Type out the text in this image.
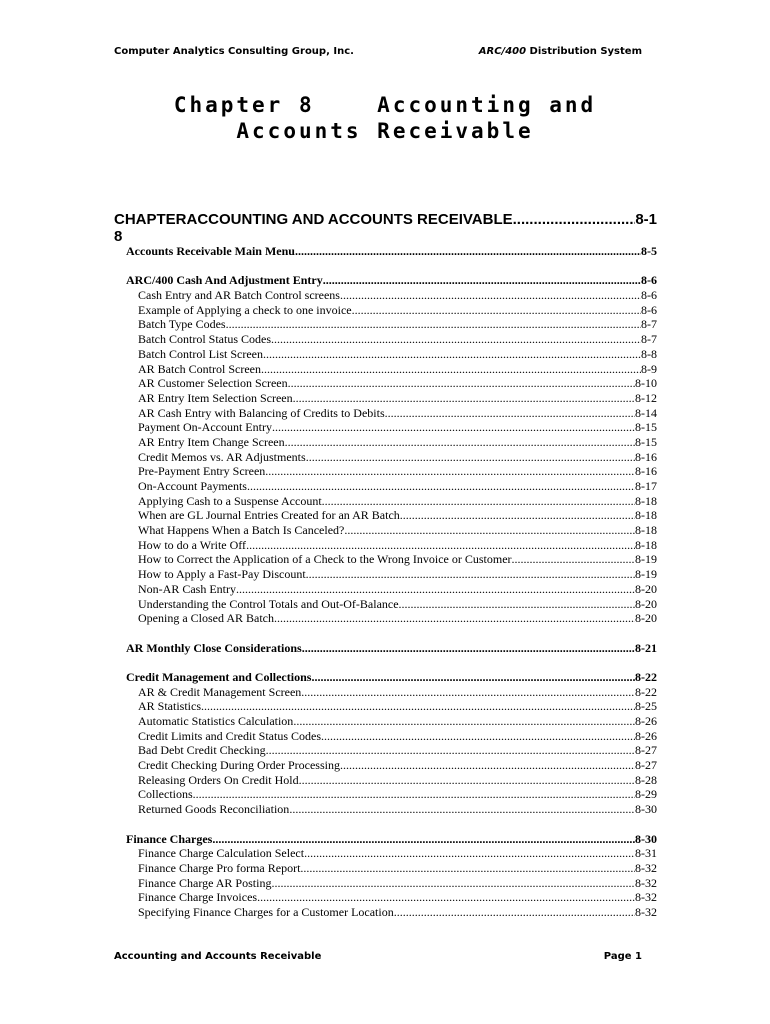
Computer Analytics Consulting Group, Inc.	ARC/400 Distribution System
Chapter 8    Accounting and
Accounts Receivable
CHAPTER 8
ACCOUNTING AND ACCOUNTS RECEIVABLE .....	8-1
Accounts Receivable Main Menu .....	8-5
ARC/400 Cash And Adjustment Entry .....	8-6
Cash Entry and AR Batch Control screens .....	8-6
Example of Applying a check to one invoice .....	8-6
Batch Type Codes .....	8-7
Batch Control Status Codes .....	8-7
Batch Control List Screen .....	8-8
AR Batch Control Screen .....	8-9
AR Customer Selection Screen .....	8-10
AR Entry Item Selection Screen .....	8-12
AR Cash Entry with Balancing of Credits to Debits .....	8-14
Payment On-Account Entry .....	8-15
AR Entry Item Change Screen .....	8-15
Credit Memos vs. AR Adjustments .....	8-16
Pre-Payment Entry Screen .....	8-16
On-Account Payments .....	8-17
Applying Cash to a Suspense Account .....	8-18
When are GL Journal Entries Created for an AR Batch .....	8-18
What Happens When a Batch Is Canceled? .....	8-18
How to do a Write Off .....	8-18
How to Correct the Application of a Check to the Wrong Invoice or Customer .....	8-19
How to Apply a Fast-Pay Discount .....	8-19
Non-AR Cash Entry .....	8-20
Understanding the Control Totals and Out-Of-Balance .....	8-20
Opening a Closed AR Batch .....	8-20
AR Monthly Close Considerations .....	8-21
Credit Management and Collections .....	8-22
AR & Credit Management Screen .....	8-22
AR Statistics .....	8-25
Automatic Statistics Calculation .....	8-26
Credit Limits and Credit Status Codes .....	8-26
Bad Debt Credit Checking .....	8-27
Credit Checking During Order Processing .....	8-27
Releasing Orders On Credit Hold .....	8-28
Collections .....	8-29
Returned Goods Reconciliation .....	8-30
Finance Charges .....	8-30
Finance Charge Calculation Select .....	8-31
Finance Charge Pro forma Report .....	8-32
Finance Charge AR Posting .....	8-32
Finance Charge Invoices .....	8-32
Specifying Finance Charges for a Customer Location .....	8-32
Accounting and Accounts Receivable	Page 1
